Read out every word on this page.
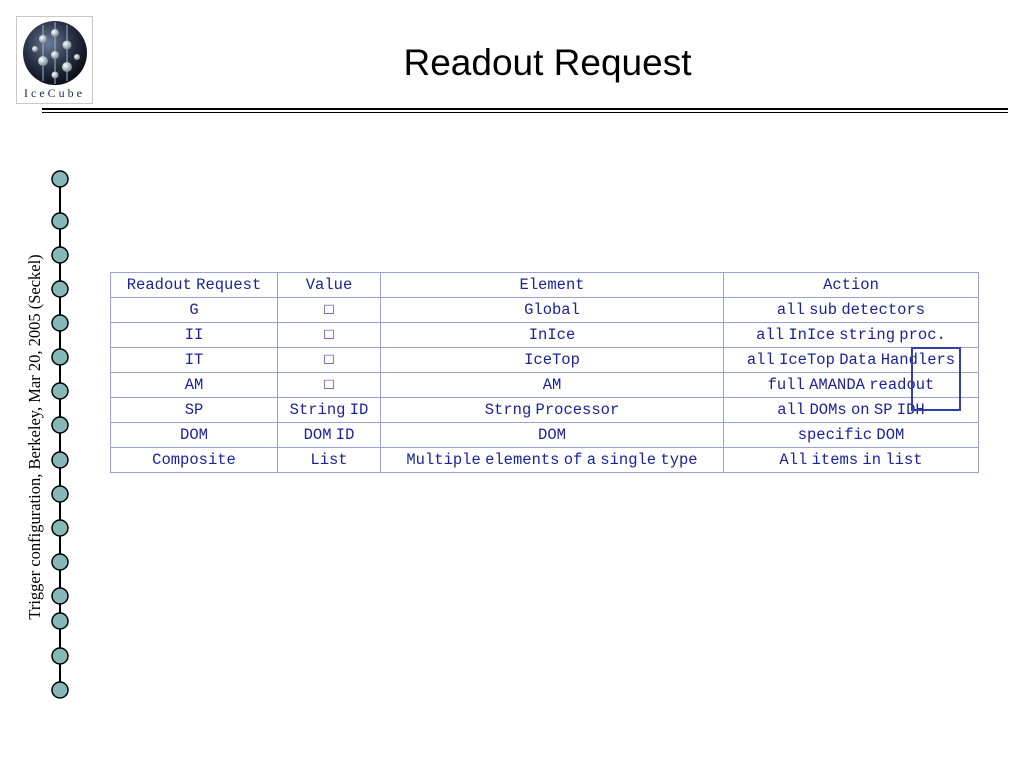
IceCube
Readout Request
Trigger configuration, Berkeley, Mar 20, 2005 (Seckel)	Readout Request	Value	Element	Action
G	□	Global	all sub detectors
II	□	InIce	all InIce string proc.
IT	□	IceTop	all IceTop Data Handlers
AM	□	AM	full AMANDA readout
SP	String ID	Strng Processor	all DOMs on SP IDH
DOM	DOM ID	DOM	specific DOM
Composite	List	Multiple elements of a single type	All items in list
